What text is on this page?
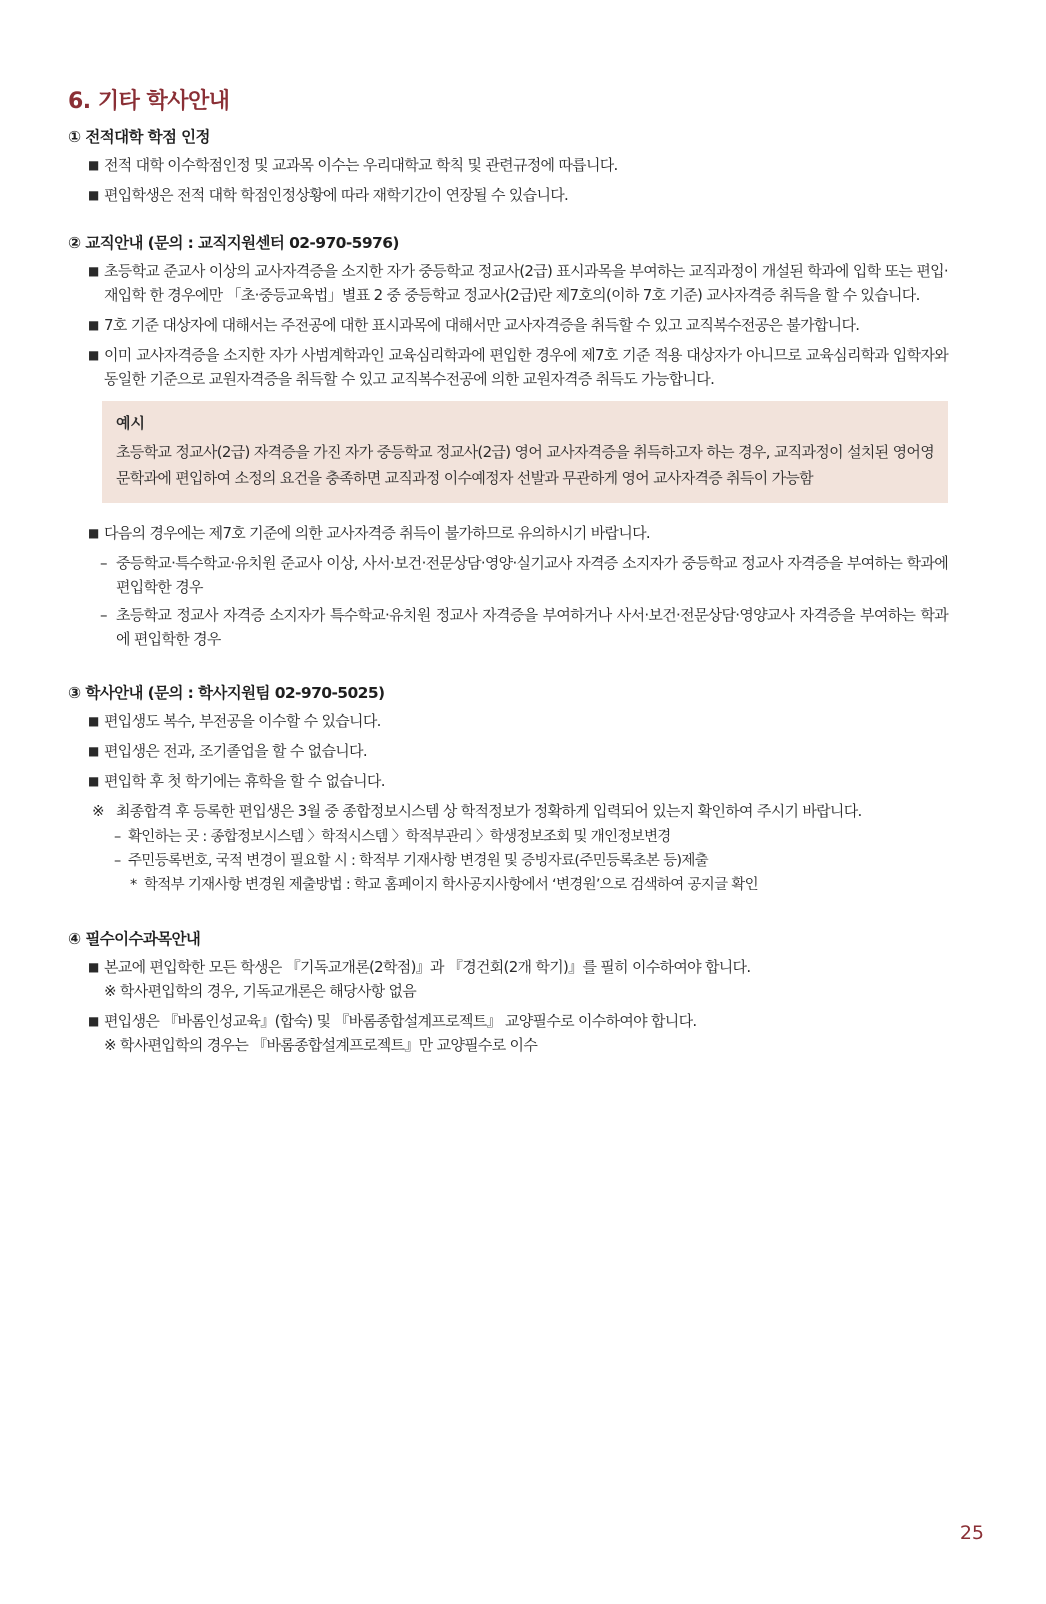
6. 기타 학사안내
① 전적대학 학점 인정
■ 전적 대학 이수학점인정 및 교과목 이수는 우리대학교 학칙 및 관련규정에 따릅니다.
■ 편입학생은 전적 대학 학점인정상황에 따라 재학기간이 연장될 수 있습니다.
② 교직안내 (문의 : 교직지원센터 02-970-5976)
■ 초등학교 준교사 이상의 교사자격증을 소지한 자가 중등학교 정교사(2급) 표시과목을 부여하는 교직과정이 개설된 학과에 입학 또는 편입·재입학 한 경우에만 「초·중등교육법」별표 2 중 중등학교 정교사(2급)란 제7호의(이하 7호 기준) 교사자격증 취득을 할 수 있습니다.
■ 7호 기준 대상자에 대해서는 주전공에 대한 표시과목에 대해서만 교사자격증을 취득할 수 있고 교직복수전공은 불가합니다.
■ 이미 교사자격증을 소지한 자가 사범계학과인 교육심리학과에 편입한 경우에 제7호 기준 적용 대상자가 아니므로 교육심리학과 입학자와 동일한 기준으로 교원자격증을 취득할 수 있고 교직복수전공에 의한 교원자격증 취득도 가능합니다.
예시
초등학교 정교사(2급) 자격증을 가진 자가 중등학교 정교사(2급) 영어 교사자격증을 취득하고자 하는 경우, 교직과정이 설치된 영어영문학과에 편입하여 소정의 요건을 충족하면 교직과정 이수예정자 선발과 무관하게 영어 교사자격증 취득이 가능함
■ 다음의 경우에는 제7호 기준에 의한 교사자격증 취득이 불가하므로 유의하시기 바랍니다.
– 중등학교·특수학교·유치원 준교사 이상, 사서·보건·전문상담·영양·실기교사 자격증 소지자가 중등학교 정교사 자격증을 부여하는 학과에 편입학한 경우
– 초등학교 정교사 자격증 소지자가 특수학교·유치원 정교사 자격증을 부여하거나 사서·보건·전문상담·영양교사 자격증을 부여하는 학과에 편입학한 경우
③ 학사안내 (문의 : 학사지원팀 02-970-5025)
■ 편입생도 복수, 부전공을 이수할 수 있습니다.
■ 편입생은 전과, 조기졸업을 할 수 없습니다.
■ 편입학 후 첫 학기에는 휴학을 할 수 없습니다.
※ 최종합격 후 등록한 편입생은 3월 중 종합정보시스템 상 학적정보가 정확하게 입력되어 있는지 확인하여 주시기 바랍니다.
– 확인하는 곳 : 종합정보시스템 〉학적시스템 〉학적부관리 〉학생정보조회 및 개인정보변경
– 주민등록번호, 국적 변경이 필요할 시 : 학적부 기재사항 변경원 및 증빙자료(주민등록초본 등)제출
* 학적부 기재사항 변경원 제출방법 : 학교 홈페이지 학사공지사항에서 ‘변경원’으로 검색하여 공지글 확인
④ 필수이수과목안내
■ 본교에 편입학한 모든 학생은 『기독교개론(2학점)』과 『경건회(2개 학기)』를 필히 이수하여야 합니다.
※ 학사편입학의 경우, 기독교개론은 해당사항 없음
■ 편입생은 『바롬인성교육』(합숙) 및 『바롬종합설계프로젝트』 교양필수로 이수하여야 합니다.
※ 학사편입학의 경우는 『바롬종합설계프로젝트』만 교양필수로 이수
25
